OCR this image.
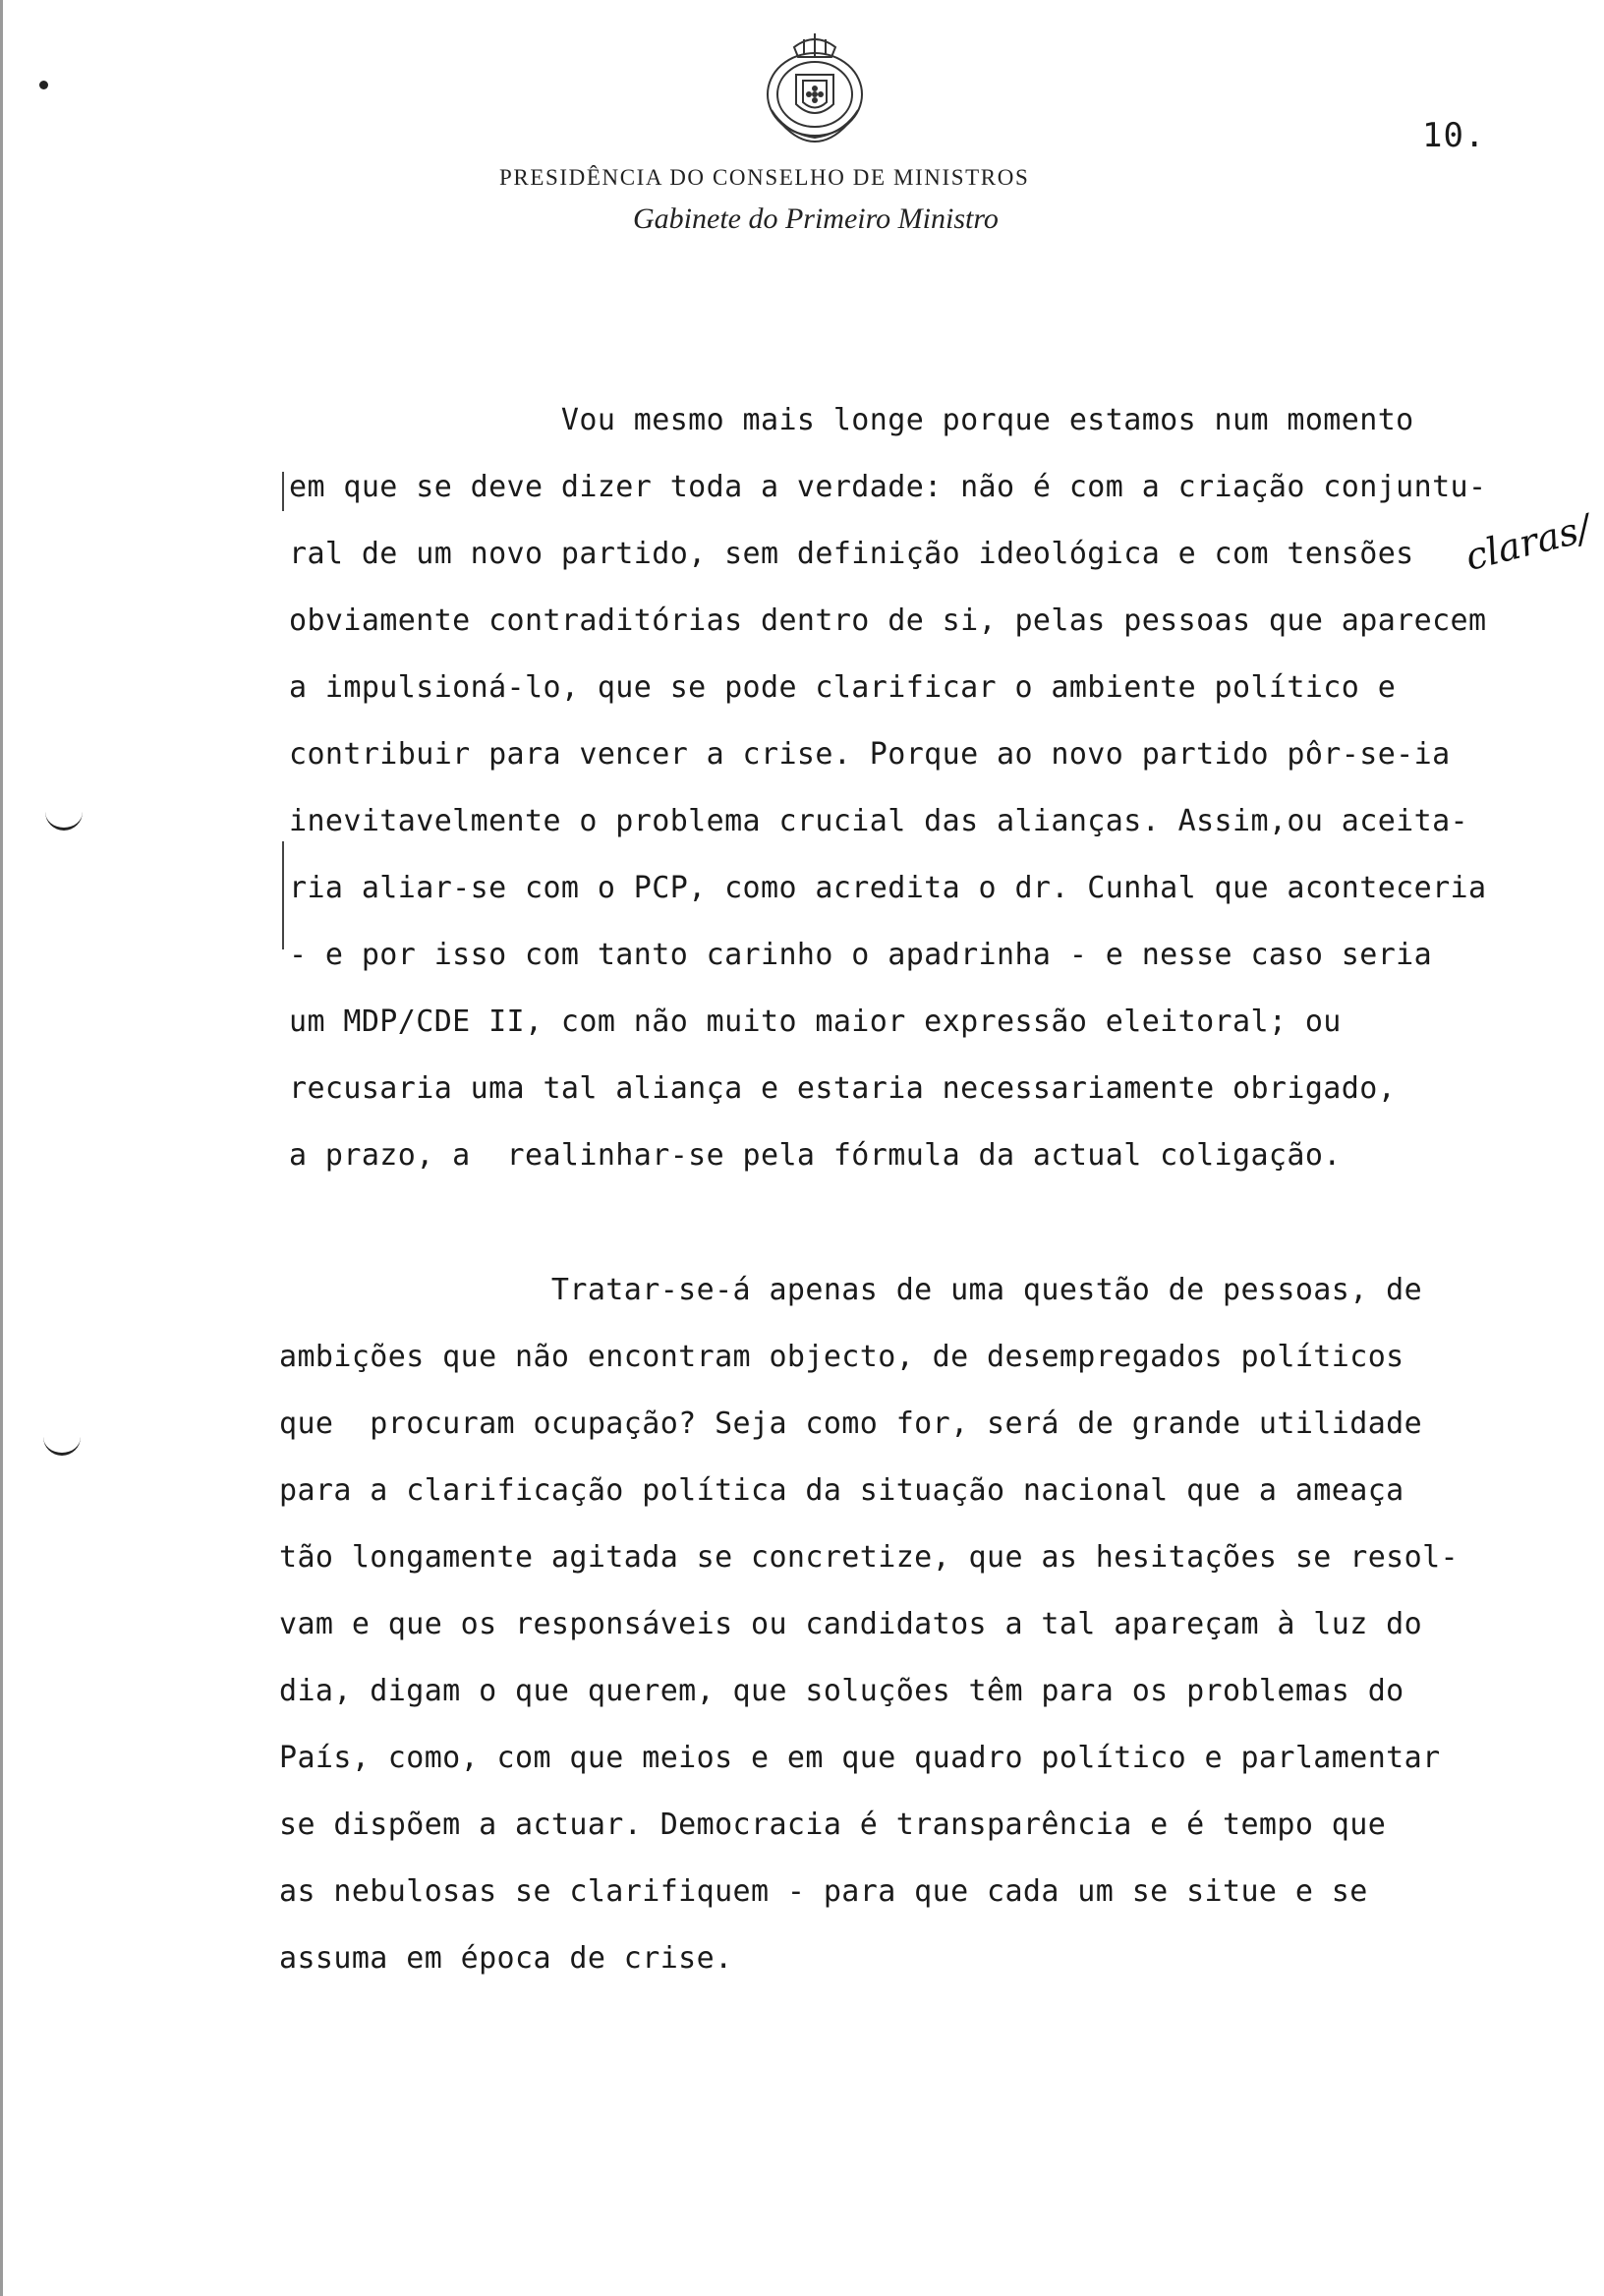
10.
PRESIDÊNCIA DO CONSELHO DE MINISTROS
Gabinete do Primeiro Ministro
Vou mesmo mais longe porque estamos num momento
em que se deve dizer toda a verdade: não é com a criação conjuntu-
ral de um novo partido, sem definição ideológica e com tensões
obviamente contraditórias dentro de si, pelas pessoas que aparecem
a impulsioná-lo, que se pode clarificar o ambiente político e
contribuir para vencer a crise. Porque ao novo partido pôr-se-ia
inevitavelmente o problema crucial das alianças. Assim,ou aceita-
ria aliar-se com o PCP, como acredita o dr. Cunhal que aconteceria
- e por isso com tanto carinho o apadrinha - e nesse caso seria
um MDP/CDE II, com não muito maior expressão eleitoral; ou
recusaria uma tal aliança e estaria necessariamente obrigado,
a prazo, a  realinhar-se pela fórmula da actual coligação.
claras/
Tratar-se-á apenas de uma questão de pessoas, de
ambições que não encontram objecto, de desempregados políticos
que  procuram ocupação? Seja como for, será de grande utilidade
para a clarificação política da situação nacional que a ameaça
tão longamente agitada se concretize, que as hesitações se resol-
vam e que os responsáveis ou candidatos a tal apareçam à luz do
dia, digam o que querem, que soluções têm para os problemas do
País, como, com que meios e em que quadro político e parlamentar
se dispõem a actuar. Democracia é transparência e é tempo que
as nebulosas se clarifiquem - para que cada um se situe e se
assuma em época de crise.
